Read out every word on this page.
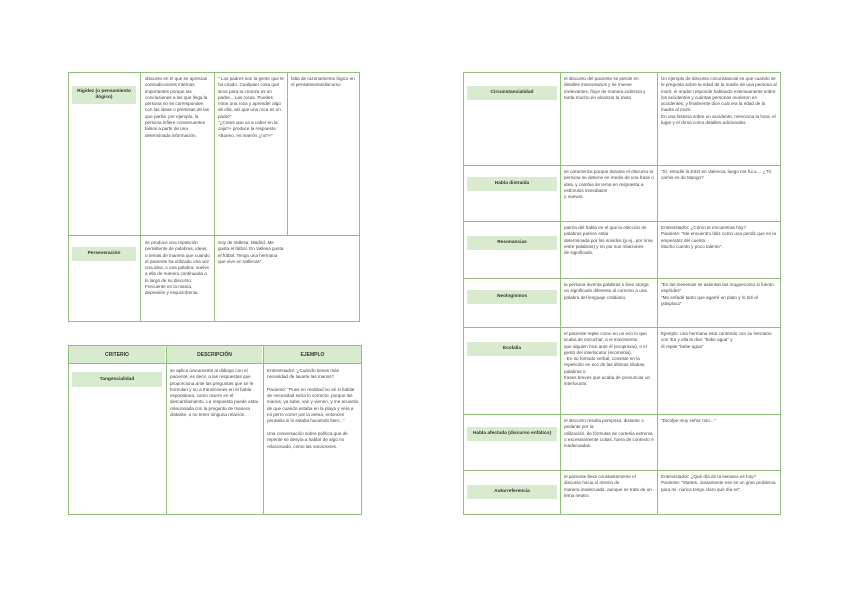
Rigidez (o pensamiento ilógico)
discurso en el que se aprecian contradicciones internas importantes porque las conclusiones a las que llega la persona no se corresponden con las ideas o premisas de las que partía: por ejemplo, la persona infiere consecuentes falsos a partir de una determinada información.
" Los padres son la gente que te ha criado. Cualquier cosa que sirva para tu crianza es un padre... Las rocas. Puedes mirar una roca y aprender algo de ella, así que una roca es un padre"
"¿Crees que va a caber en la caja?» produce la respuesta «Bueno, es marrón ¿no?»"
falta de razonamiento lógico en el pensamiento/discurso
Perseveración
se produce una repetición persistente de palabras, ideas, o temas de manera que cuando el paciente ha utilizado una vez una idea, o una palabra, vuelve a ella de manera continuada a lo largo de su discurso. Frecuente en la manía, depresión y esquizofrenia.
Soy de Vallesa, Madrid. Me gusta el fútbol. En Vallesa gusta el fútbol. Tengo una hermana que vive en Vallecas".
CRITERIO	DESCRIPCIÓN	EJEMPLO
Tangencialidad
se aplica únicamente al diálogo con el paciente, es decir, a las respuestas que proporciona ante las preguntas que se le formulan y no a transiciones en el habla espontánea, como ocurre en el descarrilamiento. La respuesta puede estar relacionada con la pregunta de manera distante, o no tener ninguna relación.
Entrevistador: ¿Cuándo tienes más necesidad de lavarte las manos?

Paciente: "Pues en realidad no sé si hablar de necesidad sería lo correcto, porque las manos, ya sabe, van y vienen, y me acuerdo de que cuando estaba en la playa y veía a mi perro correr por la arena, entonces pensaba si lo estaba haciendo bien..."

Una conversación sobre política que de repente se desvía a hablar de algo no relacionado, como las vacaciones.
Circunstancialidad
el discurso del paciente se pierde en detalles innecesarios y se mueve irrelevantes, fluye de manera indirecta y tarda mucho en alcanzar la meta
Un ejemplo de discurso circunstancial es que cuando se le pregunta sobre la edad de la madre de una persona al morir, el orador responde hablando extensamente sobre los accidentes y cuántas personas murieron en accidentes, y finalmente dice cuál era la edad de la madre al morir.
En una historia sobre un accidente, menciona la hora, el lugar y el clima como detalles adicionales.
Habla distraída
se caracteriza porque durante el discurso la persona se detiene en medio de una frase o idea, y cambia de tema en respuesta a estímulos inmediatos
y nuevos.
"Sí, estudié la ESO en Valencia, luego me fui a ... ¿Tú carnis es de Mango?
Resonancias
patrón del habla en el que la elección de palabras parece estar
determinada por los sonidos (p.ej., por rima entre palabras) y no por sus relaciones
de significado.
Entrevistador: ¿Cómo te encuentras hoy?
Paciente: "Me encuentro feliz como una perdiz que en la emperatriz del cuento.
Mucho cuento y poco talento".
Neologismos
la persona inventa palabras o bien otorga un significado diferente al correcto a una palabra del lenguaje cotidiano.
"En las mesenias se asientan las oruguecomo si fueran espírides"
"Me enfadé tanto que agarré un plato y lo tiré al plásplaco"
Ecolalia
el paciente repite como en un eco lo que acaba de escuchar, a el movimiento
que alguien hice ante él (ecopraxia), o el gesto del interlocutor (ecomimia).
- En su formato verbal, consiste en la repetición en eco de las últimas sílabas, palabras o
frases breves que acaba de pronunciar un interlocutor.
Ejemplo: una hermana está contendo con su hermano con 'Ea y ella le dice "bebe agua" y
él repite "bebe agua"
Habla afectada (discurso enfático)
el discurso resulta pomposo, distante o pedante por la
utilización, de fórmulas de cortesía extrema o excesivamente cultas, fuera de contexto e
inadecuadas.
"Dícolpe muy señor mío..."
Autorreferencia
el paciente lleva constantemente el discurso hacia sí mismo de
manera inadecuada, aunque se trate de un tema neutro.
Entrevistador: ¿Qué día de la semana es hoy?
Paciente: "Martes. Justamente ese es un gran problema para mí, nunca tengo claro qué día es".
